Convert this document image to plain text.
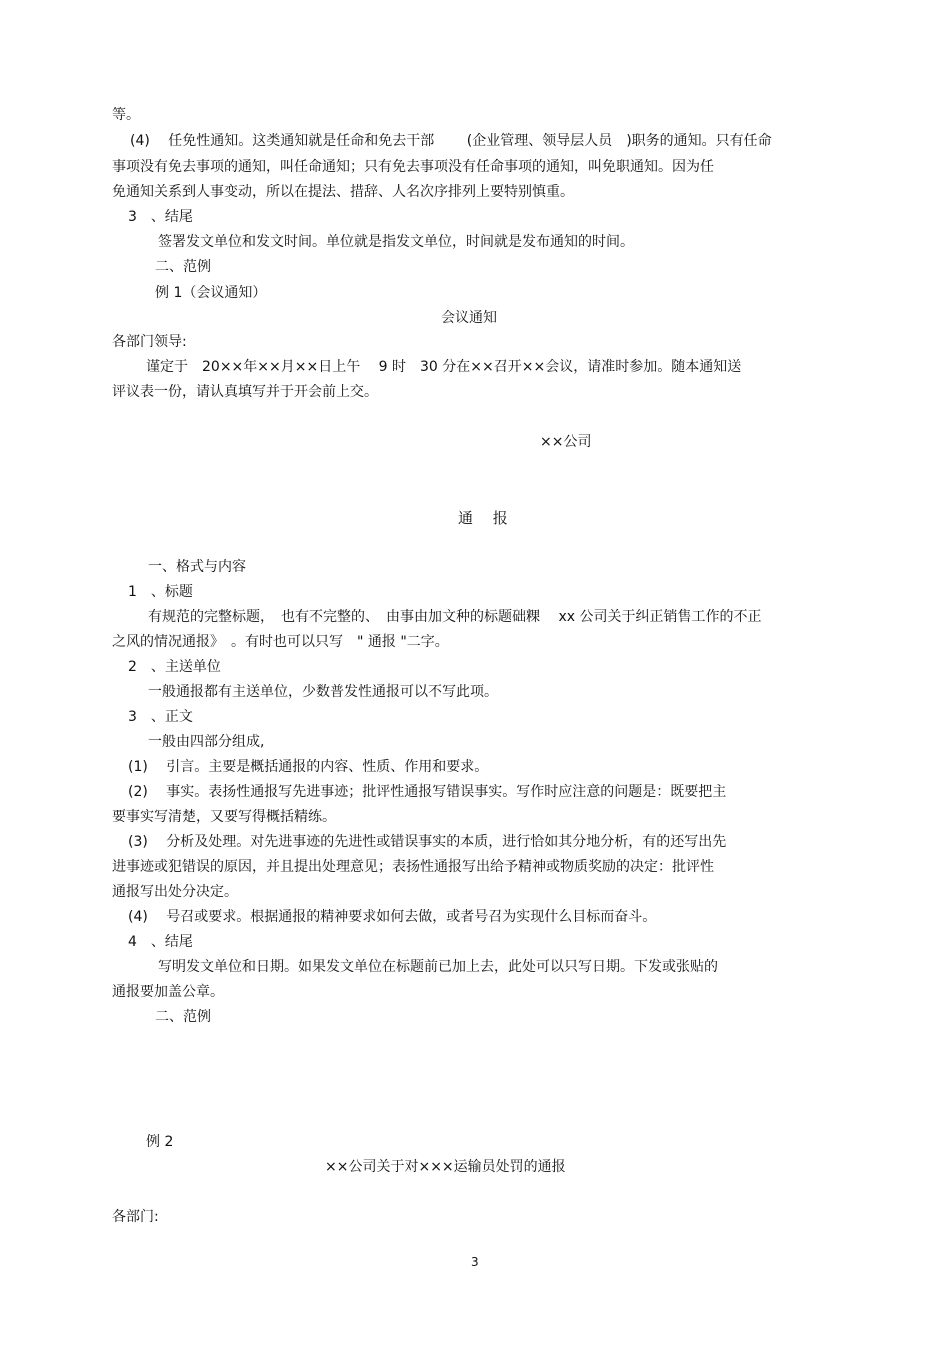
等。
(4)　 任免性通知。这类通知就是任命和免去干部　 　(企业管理、领导层人员　)职务的通知。只有任命
事项没有免去事项的通知，叫任命通知；只有免去事项没有任命事项的通知，叫免职通知。因为任
免通知关系到人事变动，所以在提法、措辞、人名次序排列上要特别慎重。
3　、结尾
签署发文单位和发文时间。单位就是指发文单位，时间就是发布通知的时间。
二、范例
例 1（会议通知）
会议通知
各部门领导:
谨定于　20××年××月××日上午　 9 时　30 分在××召开××会议，请准时参加。随本通知送
评议表一份，请认真填写并于开会前上交。
××公司
通　 报
一、格式与内容
1　、标题
有规范的完整标题，　也有不完整的、　由事由加文种的标题础粿　 xx 公司关于纠正销售工作的不正
之风的情况通报》　。有时也可以只写　" 通报 "二字。
2　、主送单位
一般通报都有主送单位，少数普发性通报可以不写此项。
3　、正文
一般由四部分组成,
(1)　 引言。主要是概括通报的内容、性质、作用和要求。
(2)　 事实。表扬性通报写先进事迹；批评性通报写错误事实。写作时应注意的问题是：既要把主
要事实写清楚，又要写得概括精练。
(3)　 分析及处理。对先进事迹的先进性或错误事实的本质，进行恰如其分地分析，有的还写出先
进事迹或犯错误的原因，并且提出处理意见；表扬性通报写出给予精神或物质奖励的决定：批评性
通报写出处分决定。
(4)　 号召或要求。根据通报的精神要求如何去做，或者号召为实现什么目标而奋斗。
4　、结尾
写明发文单位和日期。如果发文单位在标题前已加上去，此处可以只写日期。下发或张贴的
通报要加盖公章。
二、范例
例 2
××公司关于对×××运输员处罚的通报
各部门:
3
